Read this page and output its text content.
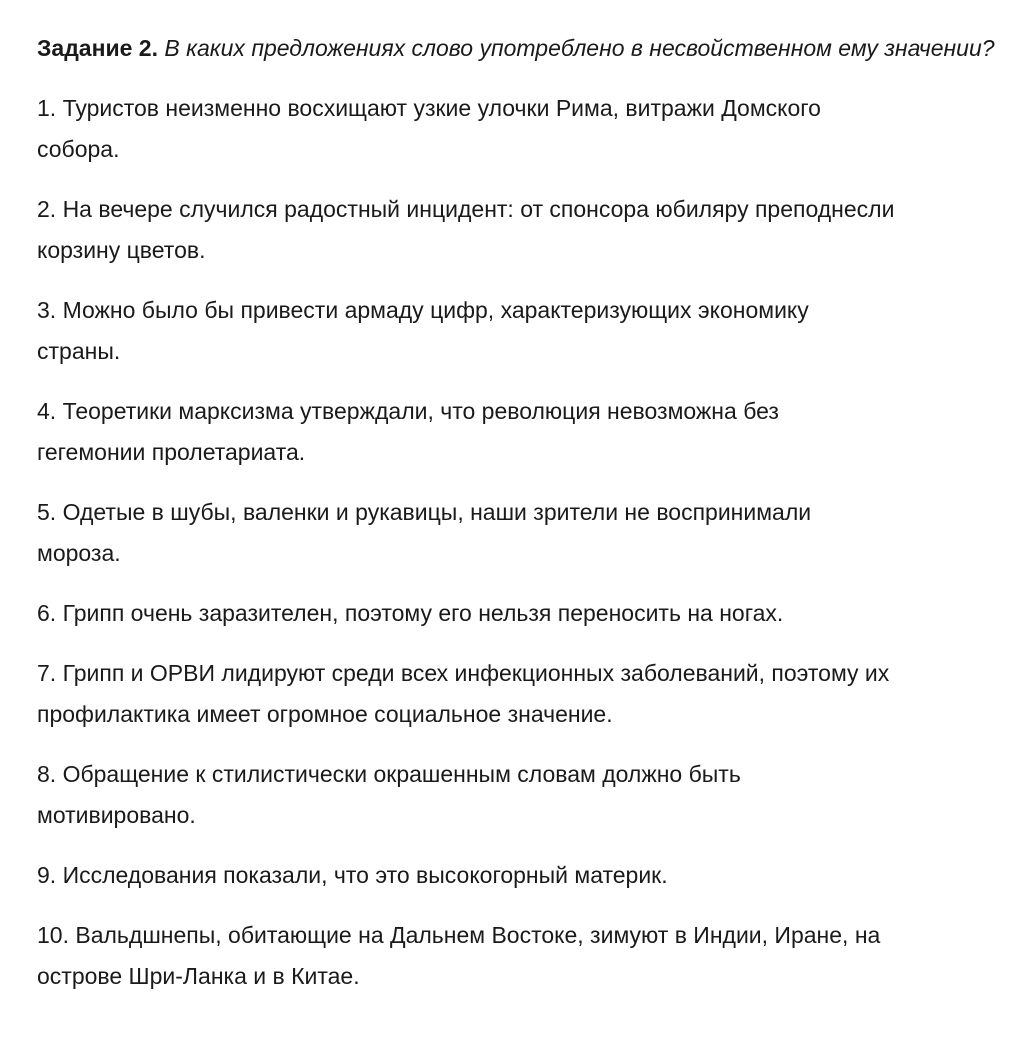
Задание 2. В каких предложениях слово употреблено в несвойственном ему значении?

1. Туристов неизменно восхищают узкие улочки Рима, витражи Домского собора.

2. На вечере случился радостный инцидент: от спонсора юбиляру преподнесли корзину цветов.

3. Можно было бы привести армаду цифр, характеризующих экономику страны.

4. Теоретики марксизма утверждали, что революция невозможна без гегемонии пролетариата.

5. Одетые в шубы, валенки и рукавицы, наши зрители не воспринимали мороза.

6. Грипп очень заразителен, поэтому его нельзя переносить на ногах.

7. Грипп и ОРВИ лидируют среди всех инфекционных заболеваний, поэтому их профилактика имеет огромное социальное значение.

8. Обращение к стилистически окрашенным словам должно быть мотивировано.

9. Исследования показали, что это высокогорный материк.

10. Вальдшнепы, обитающие на Дальнем Востоке, зимуют в Индии, Иране, на острове Шри-Ланка и в Китае.
